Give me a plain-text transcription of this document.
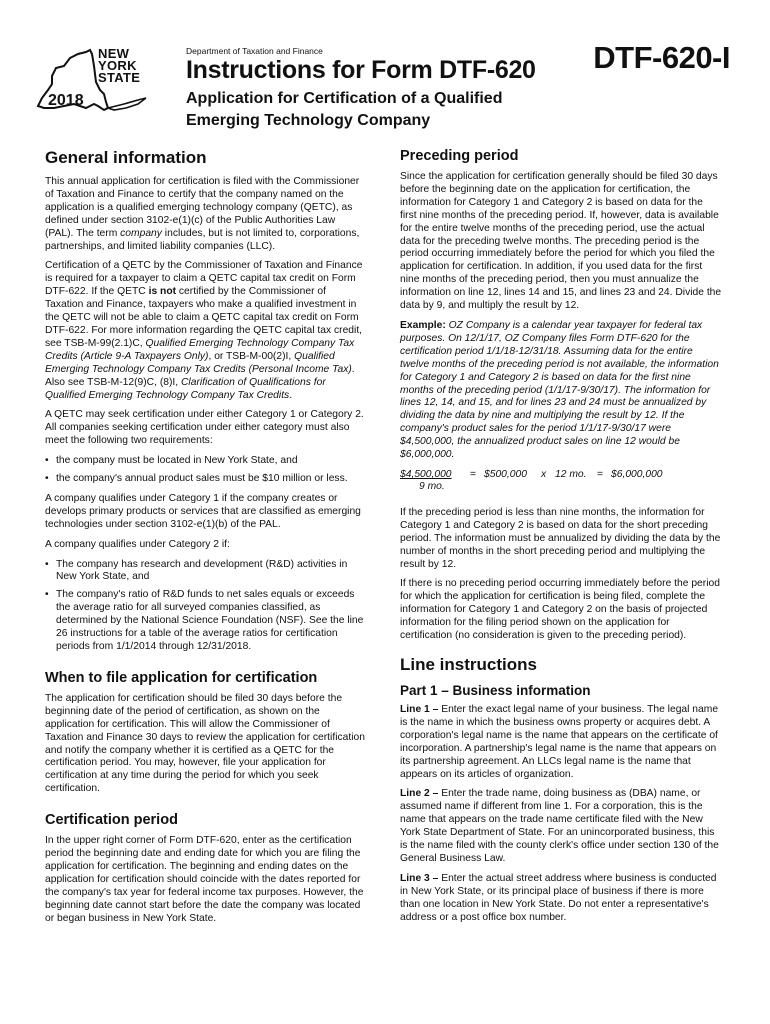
NEW
YORK
STATE
2018
Department of Taxation and Finance
Instructions for Form DTF-620
Application for Certification of a Qualified Emerging Technology Company
DTF-620-I
General information

This annual application for certification is filed with the Commissioner of Taxation and Finance to certify that the company named on the application is a qualified emerging technology company (QETC), as defined under section 3102-e(1)(c) of the Public Authorities Law (PAL). The term company includes, but is not limited to, corporations, partnerships, and limited liability companies (LLC).

Certification of a QETC by the Commissioner of Taxation and Finance is required for a taxpayer to claim a QETC capital tax credit on Form DTF-622. If the QETC is not certified by the Commissioner of Taxation and Finance, taxpayers who make a qualified investment in the QETC will not be able to claim a QETC capital tax credit on Form DTF-622. For more information regarding the QETC capital tax credit, see TSB-M-99(2.1)C, Qualified Emerging Technology Company Tax Credits (Article 9-A Taxpayers Only), or TSB-M-00(2)I, Qualified Emerging Technology Company Tax Credits (Personal Income Tax). Also see TSB-M-12(9)C, (8)I, Clarification of Qualifications for Qualified Emerging Technology Company Tax Credits.

A QETC may seek certification under either Category 1 or Category 2. All companies seeking certification under either category must also meet the following two requirements:

• the company must be located in New York State, and
• the company's annual product sales must be $10 million or less.

A company qualifies under Category 1 if the company creates or develops primary products or services that are classified as emerging technologies under section 3102-e(1)(b) of the PAL.

A company qualifies under Category 2 if:

• The company has research and development (R&D) activities in New York State, and
• The company's ratio of R&D funds to net sales equals or exceeds the average ratio for all surveyed companies classified, as determined by the National Science Foundation (NSF). See the line 26 instructions for a table of the average ratios for certification periods from 1/1/2014 through 12/31/2018.
When to file application for certification

The application for certification should be filed 30 days before the beginning date of the period of certification, as shown on the application for certification. This will allow the Commissioner of Taxation and Finance 30 days to review the application for certification and notify the company whether it is certified as a QETC for the certification period. You may, however, file your application for certification at any time during the period for which you seek certification.

Certification period

In the upper right corner of Form DTF-620, enter as the certification period the beginning date and ending date for which you are filing the application for certification. The beginning and ending dates on the application for certification should coincide with the dates reported for the company's tax year for federal income tax purposes. However, the beginning date cannot start before the date the company was located or began business in New York State.

Preceding period

Since the application for certification generally should be filed 30 days before the beginning date on the application for certification, the information for Category 1 and Category 2 is based on data for the first nine months of the preceding period. If, however, data is available for the entire twelve months of the preceding period, use the actual data for the preceding twelve months. The preceding period is the period occurring immediately before the period for which you filed the application for certification. In addition, if you used data for the first nine months of the preceding period, then you must annualize the information on line 12, lines 14 and 15, and lines 23 and 24. Divide the data by 9, and multiply the result by 12.

Example: OZ Company is a calendar year taxpayer for federal tax purposes. On 12/1/17, OZ Company files Form DTF-620 for the certification period 1/1/18-12/31/18. Assuming data for the entire twelve months of the preceding period is not available, the information for Category 1 and Category 2 is based on data for the first nine months of the preceding period (1/1/17-9/30/17). The information for lines 12, 14, and 15, and for lines 23 and 24 must be annualized by dividing the data by nine and multiplying the result by 12. If the company's product sales for the period 1/1/17-9/30/17 were $4,500,000, the annualized product sales on line 12 would be $6,000,000.

$4,500,000 = $500,000 x 12 mo. = $6,000,000
9 mo.

If the preceding period is less than nine months, the information for Category 1 and Category 2 is based on data for the short preceding period. The information must be annualized by dividing the data by the number of months in the short preceding period and multiplying the result by 12.

If there is no preceding period occurring immediately before the period for which the application for certification is being filed, complete the information for Category 1 and Category 2 on the basis of projected information for the filing period shown on the application for certification (no consideration is given to the preceding period).

Line instructions
Part 1 – Business information

Line 1 – Enter the exact legal name of your business. The legal name is the name in which the business owns property or acquires debt. A corporation's legal name is the name that appears on the certificate of incorporation. A partnership's legal name is the name that appears on its partnership agreement. An LLCs legal name is the name that appears on its articles of organization.

Line 2 – Enter the trade name, doing business as (DBA) name, or assumed name if different from line 1. For a corporation, this is the name that appears on the trade name certificate filed with the New York State Department of State. For an unincorporated business, this is the name filed with the county clerk's office under section 130 of the General Business Law.

Line 3 – Enter the actual street address where business is conducted in New York State, or its principal place of business if there is more than one location in New York State. Do not enter a representative's address or a post office box number.
